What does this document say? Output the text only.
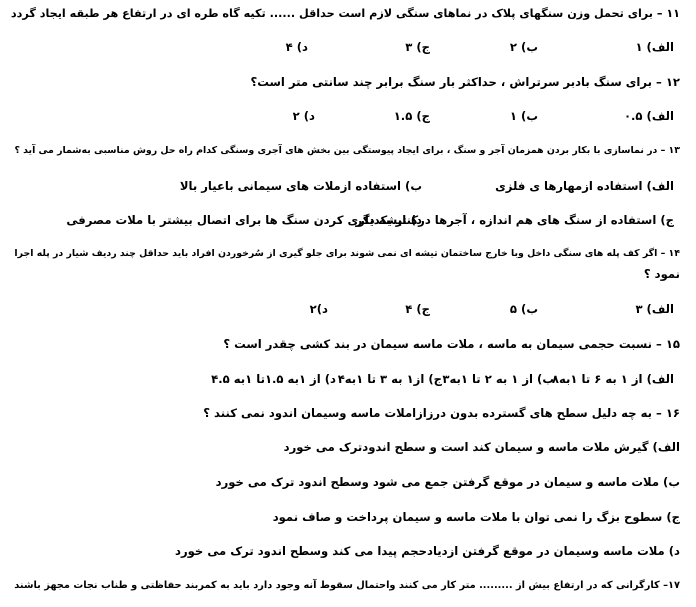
۱۱ – برای تحمل وزن سنگهای پلاک در نماهای سنگی لازم است حداقل ...... تکیه گاه طره ای در ارتفاع هر طبقه ایجاد گردد
الف) ۱
ب) ۲
ج) ۳
د) ۴
۱۲ – برای سنگ بادبر سرتراش ، حداکثر بار سنگ برابر چند سانتی متر است؟
الف) ۰.۵
ب) ۱
ج) ۱.۵
د) ۲
۱۳ – در نماسازی با بکار بردن همزمان آجر و سنگ ، برای ایجاد پیوستگی بین بخش های آجری وسنگی کدام راه حل روش مناسبی به‌شمار می آید ؟
الف) استفاده ازمهارها ی فلزی
ب) استفاده ازملات های سیمانی باعیار بالا
ج) استفاده از سنگ های هم اندازه ، آجرها درکنار یکدیگر
د) تیشه داری کردن سنگ ها برای اتصال بیشتر با ملات مصرفی
۱۴ – اگر کف پله های سنگی داخل وبا خارج ساختمان تیشه ای نمی شوند برای جلو گیری از سُرخوردن افراد باید حداقل چند ردیف شیار در پله اجرا
نمود ؟
الف) ۳
ب) ۵
ج) ۴
د)۲
۱۵ – نسبت حجمی سیمان به ماسه ، ملات ماسه سیمان در بند کشی چقدر است ؟
الف) از ۱ به ۶ تا ۱به۸
ب) از ۱ به ۲ تا ۱به۳
ج) از۱ به ۳ تا ۱به۴
د) از ۱به ۱.۵تا ۱به ۴.۵
۱۶ – به چه دلیل سطح های گسترده بدون درزازاملات ماسه وسیمان اندود نمی کنند ؟
الف) گیرش ملات ماسه و سیمان کند است و سطح اندودترک می خورد
ب) ملات ماسه و سیمان در موقع گرفتن جمع می شود وسطح اندود ترک می خورد
ج) سطوح بزگ را نمی توان با ملات ماسه و سیمان پرداخت و صاف نمود
د) ملات ماسه وسیمان در موقع گرفتن ازدیادحجم پیدا می کند وسطح اندود ترک می خورد
۱۷– کارگرانی که در ارتفاع بیش از ......... متر کار می کنند واحتمال سقوط آنه وجود دارد باید به کمربند حفاظتی و طناب نجات مجهز باشند
